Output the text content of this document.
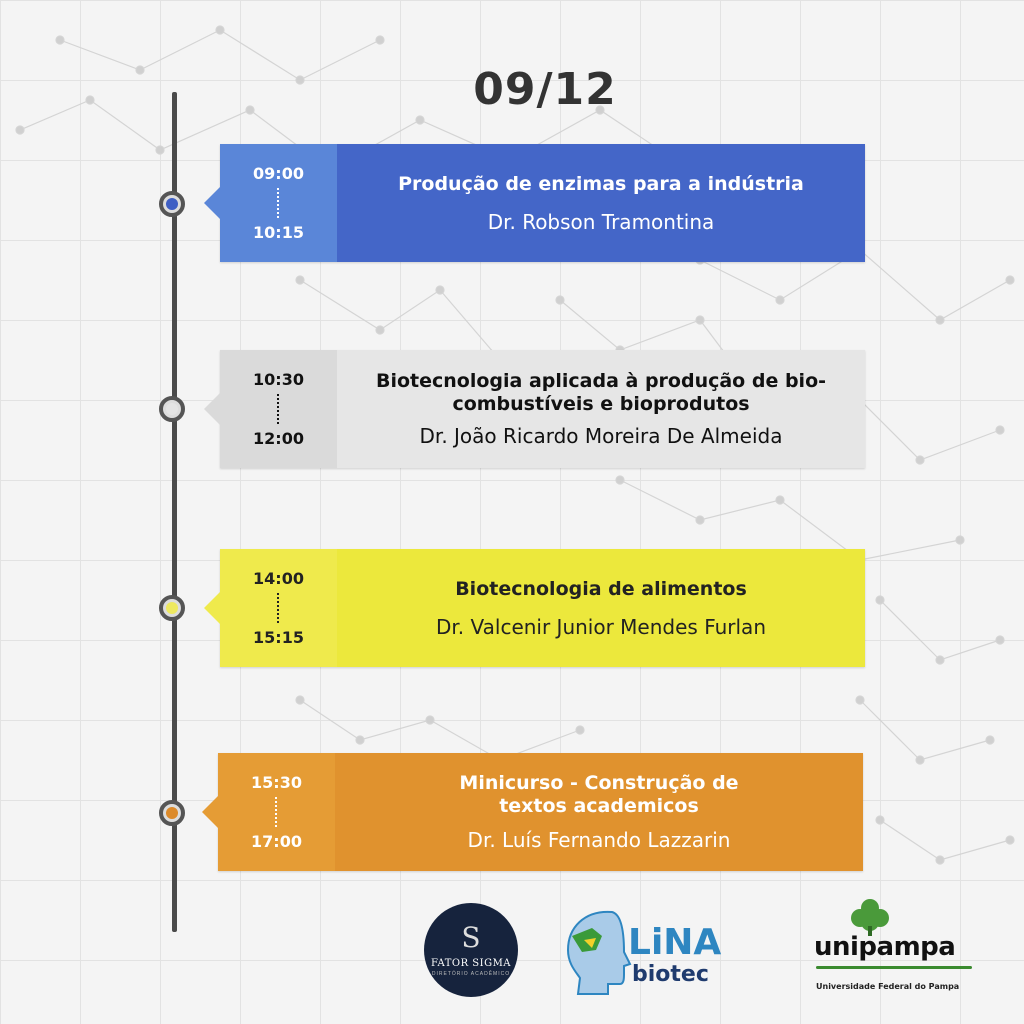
09/12
09:00
10:15
Produção de enzimas para a indústria
Dr. Robson Tramontina
10:30
12:00
Biotecnologia aplicada à produção de bio-combustíveis e bioprodutos
Dr. João Ricardo Moreira De Almeida
14:00
15:15
Biotecnologia de alimentos
Dr. Valcenir Junior Mendes Furlan
15:30
17:00
Minicurso - Construção de textos academicos
Dr. Luís Fernando Lazzarin
S
FATOR SIGMA
DIRETÓRIO ACADÊMICO
LiNA
biotec
unipampa
Universidade Federal do Pampa
